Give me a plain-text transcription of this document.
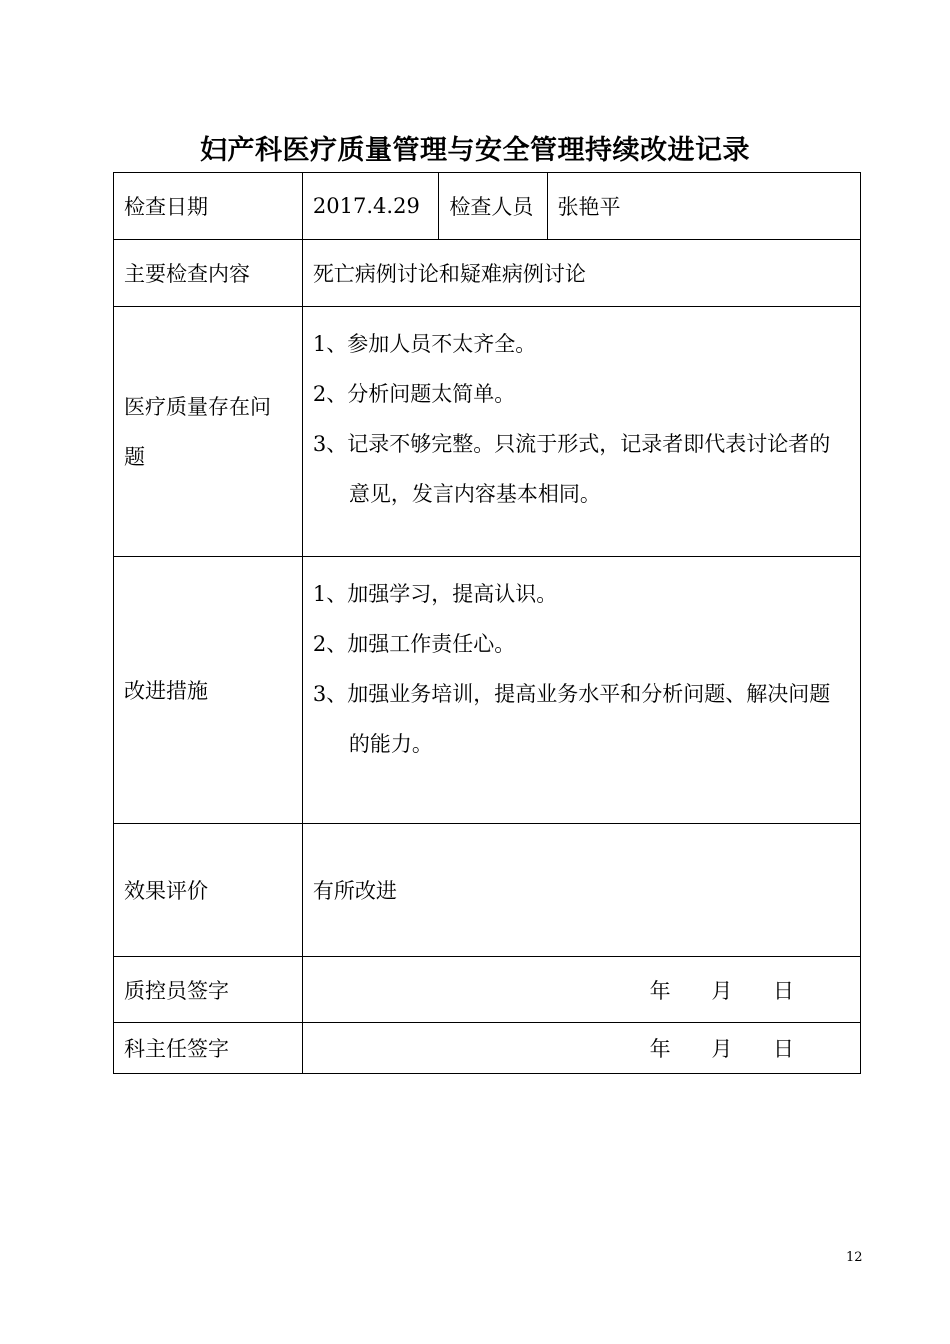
妇产科医疗质量管理与安全管理持续改进记录
检查日期	2017.4.29	检查人员	张艳平
主要检查内容	死亡病例讨论和疑难病例讨论		
医疗质量存在问题	1、参加人员不太齐全。
2、分析问题太简单。
3、记录不够完整。只流于形式，记录者即代表讨论者的意见，发言内容基本相同。		

改进措施	1、加强学习，提高认识。
2、加强工作责任心。
3、加强业务培训，提高业务水平和分析问题、解决问题的能力。		

效果评价	有所改进		
质控员签字	年 月 日		
科主任签字	年 月 日		
12
